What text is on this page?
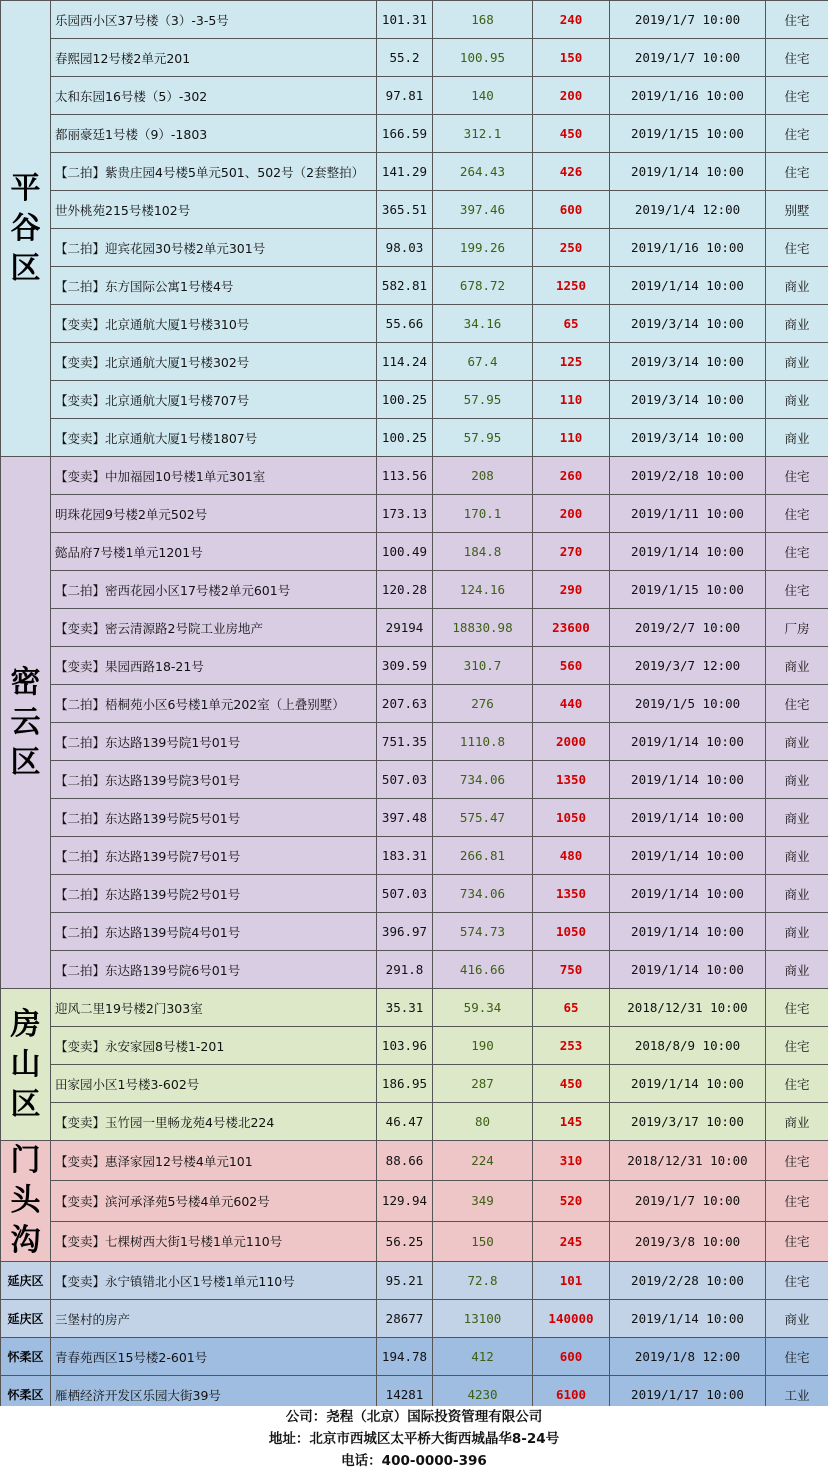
平
谷
区	乐园西小区37号楼（3）-3-5号	101.31	168	240	2019/1/7 10:00	住宅
	春熙园12号楼2单元201	55.2	100.95	150	2019/1/7 10:00	住宅
	太和东园16号楼（5）-302	97.81	140	200	2019/1/16 10:00	住宅
	都丽豪廷1号楼（9）-1803	166.59	312.1	450	2019/1/15 10:00	住宅
	【二拍】紫贵庄园4号楼5单元501、502号（2套整拍）	141.29	264.43	426	2019/1/14 10:00	住宅
	世外桃苑215号楼102号	365.51	397.46	600	2019/1/4 12:00	别墅
	【二拍】迎宾花园30号楼2单元301号	98.03	199.26	250	2019/1/16 10:00	住宅
	【二拍】东方国际公寓1号楼4号	582.81	678.72	1250	2019/1/14 10:00	商业
	【变卖】北京通航大厦1号楼310号	55.66	34.16	65	2019/3/14 10:00	商业
	【变卖】北京通航大厦1号楼302号	114.24	67.4	125	2019/3/14 10:00	商业
	【变卖】北京通航大厦1号楼707号	100.25	57.95	110	2019/3/14 10:00	商业
	【变卖】北京通航大厦1号楼1807号	100.25	57.95	110	2019/3/14 10:00	商业
密
云
区	【变卖】中加福园10号楼1单元301室	113.56	208	260	2019/2/18 10:00	住宅
	明珠花园9号楼2单元502号	173.13	170.1	200	2019/1/11 10:00	住宅
	懿品府7号楼1单元1201号	100.49	184.8	270	2019/1/14 10:00	住宅
	【二拍】密西花园小区17号楼2单元601号	120.28	124.16	290	2019/1/15 10:00	住宅
	【变卖】密云清源路2号院工业房地产	29194	18830.98	23600	2019/2/7 10:00	厂房
	【变卖】果园西路18-21号	309.59	310.7	560	2019/3/7 12:00	商业
	【二拍】梧桐苑小区6号楼1单元202室（上叠别墅）	207.63	276	440	2019/1/5 10:00	住宅
	【二拍】东达路139号院1号01号	751.35	1110.8	2000	2019/1/14 10:00	商业
	【二拍】东达路139号院3号01号	507.03	734.06	1350	2019/1/14 10:00	商业
	【二拍】东达路139号院5号01号	397.48	575.47	1050	2019/1/14 10:00	商业
	【二拍】东达路139号院7号01号	183.31	266.81	480	2019/1/14 10:00	商业
	【二拍】东达路139号院2号01号	507.03	734.06	1350	2019/1/14 10:00	商业
	【二拍】东达路139号院4号01号	396.97	574.73	1050	2019/1/14 10:00	商业
	【二拍】东达路139号院6号01号	291.8	416.66	750	2019/1/14 10:00	商业
房
山
区	迎风二里19号楼2门303室	35.31	59.34	65	2018/12/31 10:00	住宅
	【变卖】永安家园8号楼1-201	103.96	190	253	2018/8/9 10:00	住宅
	田家园小区1号楼3-602号	186.95	287	450	2019/1/14 10:00	住宅
	【变卖】玉竹园一里畅龙苑4号楼北224	46.47	80	145	2019/3/17 10:00	商业
门
头
沟	【变卖】惠泽家园12号楼4单元101	88.66	224	310	2018/12/31 10:00	住宅
	【变卖】滨河承泽苑5号楼4单元602号	129.94	349	520	2019/1/7 10:00	住宅
	【变卖】七棵树西大街1号楼1单元110号	56.25	150	245	2019/3/8 10:00	住宅
延庆区	【变卖】永宁镇错北小区1号楼1单元110号	95.21	72.8	101	2019/2/28 10:00	住宅
延庆区	三堡村的房产	28677	13100	140000	2019/1/14 10:00	商业
怀柔区	青春苑西区15号楼2-601号	194.78	412	600	2019/1/8 12:00	住宅
怀柔区	雁栖经济开发区乐园大街39号	14281	4230	6100	2019/1/17 10:00	工业
公司：尧程（北京）国际投资管理有限公司
地址：北京市西城区太平桥大街西城晶华8-24号
电话：400-0000-396
